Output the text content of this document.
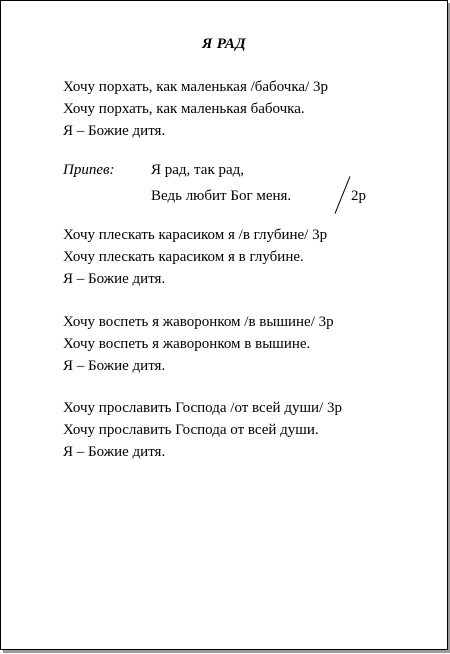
Я РАД
Хочу порхать, как маленькая /бабочка/ 3р
Хочу порхать, как маленькая бабочка.
Я – Божие дитя.
Припев: Я рад, так рад,
Ведь любит Бог меня.	2р
Хочу плескать карасиком я /в глубине/ 3р
Хочу плескать карасиком я в глубине.
Я – Божие дитя.
Хочу воспеть я жаворонком /в вышине/ 3р
Хочу воспеть я жаворонком в вышине.
Я – Божие дитя.
Хочу прославить Господа /от всей души/ 3р
Хочу прославить Господа от всей души.
Я – Божие дитя.
